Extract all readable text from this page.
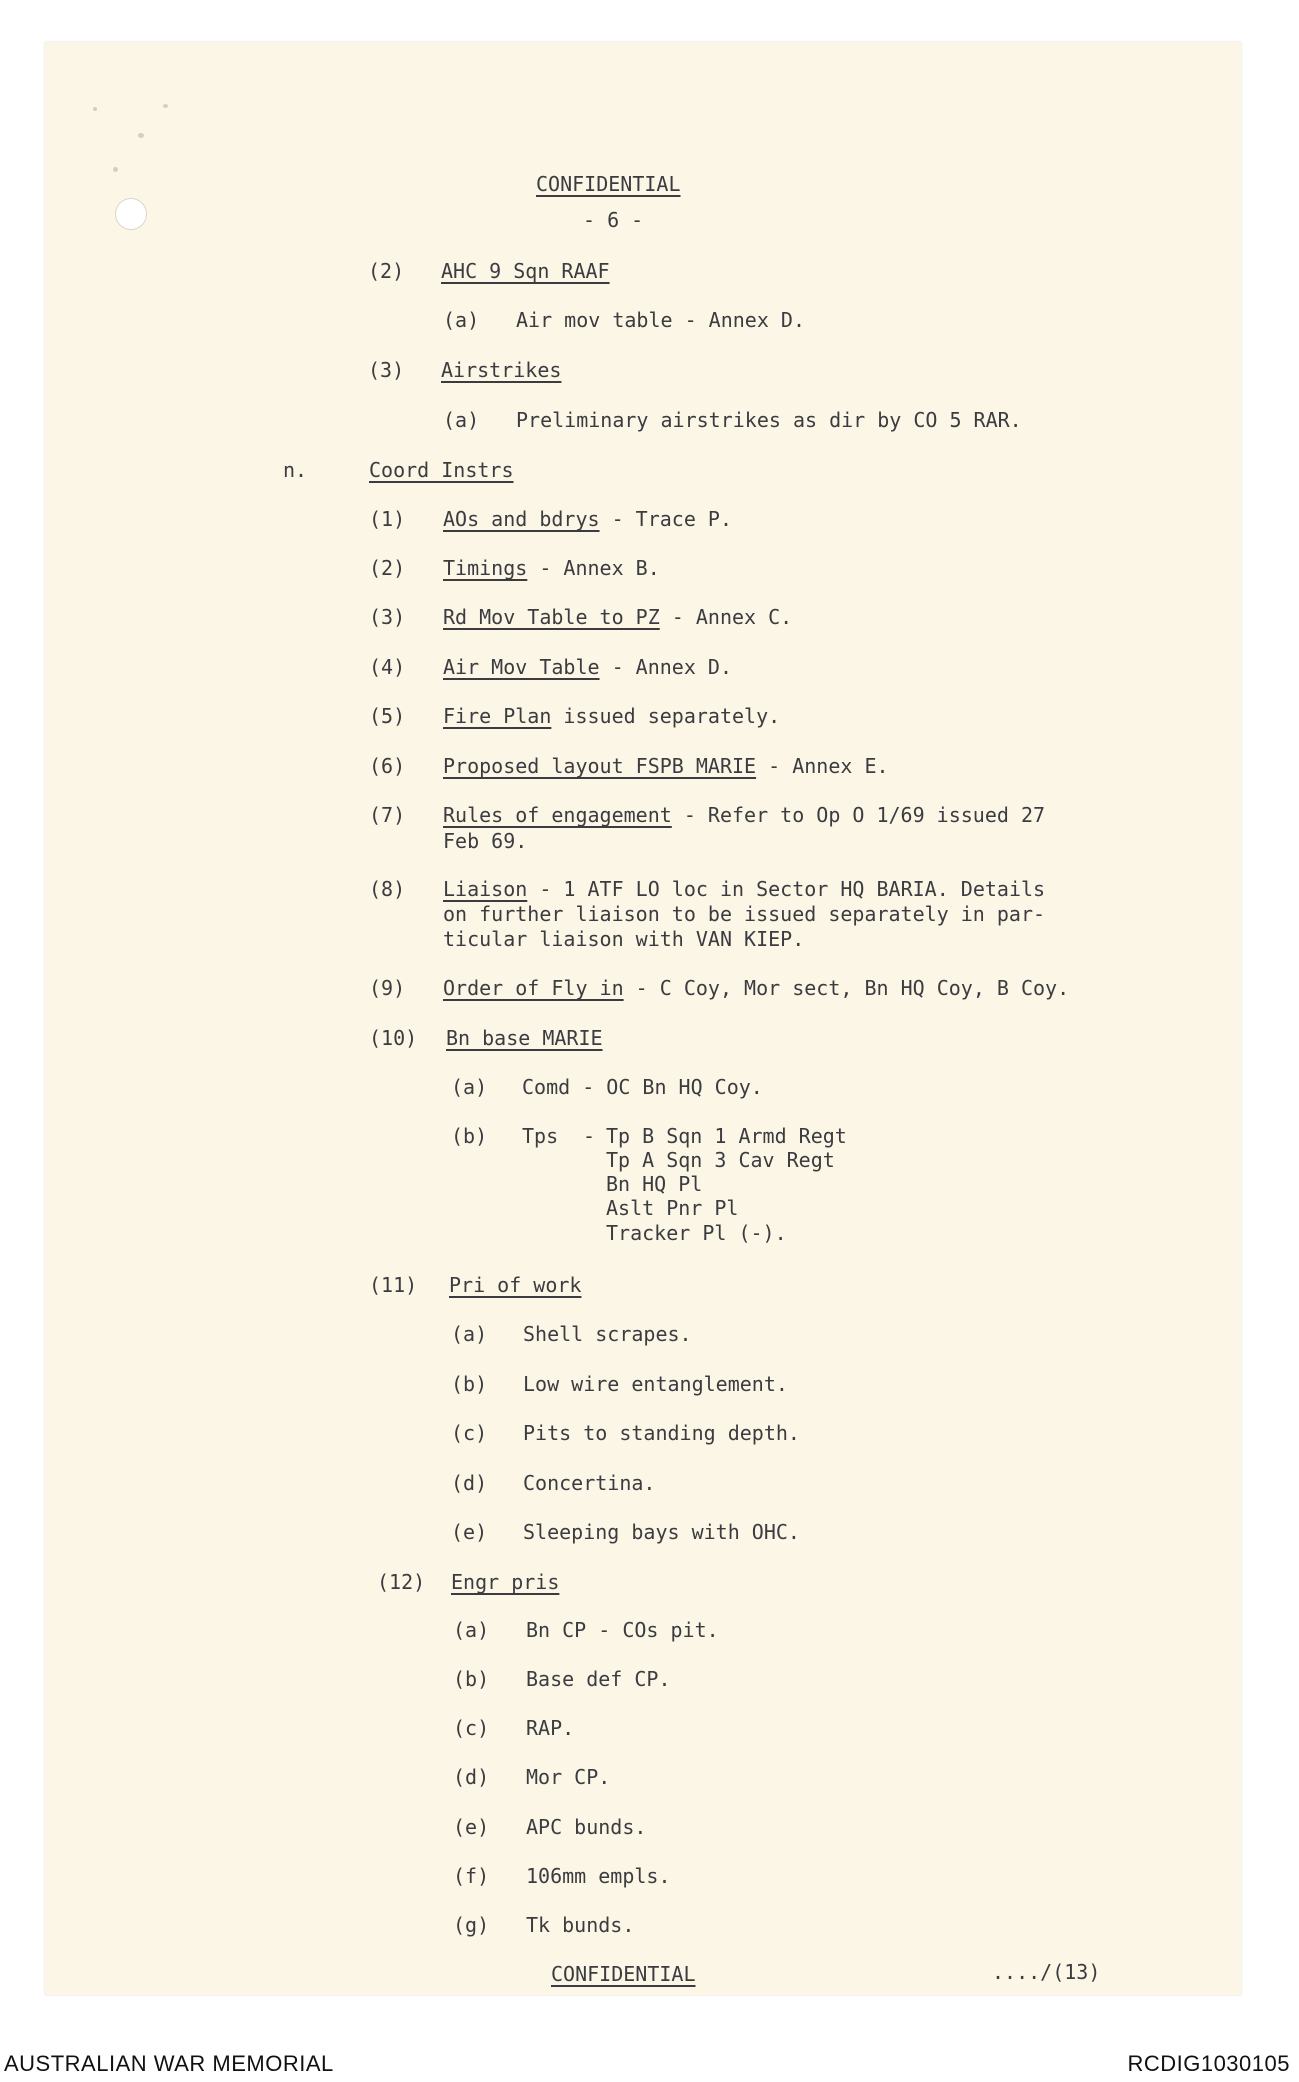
CONFIDENTIAL
- 6 -
(2) AHC 9 Sqn RAAF
(a) Air mov table - Annex D.
(3) Airstrikes
(a) Preliminary airstrikes as dir by CO 5 RAR.
n.	Coord Instrs
(1) AOs and bdrys - Trace P.
(2) Timings - Annex B.
(3) Rd Mov Table to PZ - Annex C.
(4) Air Mov Table - Annex D.
(5) Fire Plan issued separately.
(6) Proposed layout FSPB MARIE - Annex E.
(7) Rules of engagement - Refer to Op O 1/69 issued 27
Feb 69.
(8) Liaison - 1 ATF LO loc in Sector HQ BARIA. Details
on further liaison to be issued separately in par-
ticular liaison with VAN KIEP.
(9) Order of Fly in - C Coy, Mor sect, Bn HQ Coy, B Coy.
(10) Bn base MARIE
(a) Comd - OC Bn HQ Coy.
(b) Tps - Tp B Sqn 1 Armd Regt
Tp A Sqn 3 Cav Regt
Bn HQ Pl
Aslt Pnr Pl
Tracker Pl (-).
(11) Pri of work
(a) Shell scrapes.
(b) Low wire entanglement.
(c) Pits to standing depth.
(d) Concertina.
(e) Sleeping bays with OHC.
(12) Engr pris
(a) Bn CP - COs pit.
(b) Base def CP.
(c) RAP.
(d) Mor CP.
(e) APC bunds.
(f) 106mm empls.
(g) Tk bunds.
CONFIDENTIAL	..../(13)
AUSTRALIAN WAR MEMORIAL	RCDIG1030105
